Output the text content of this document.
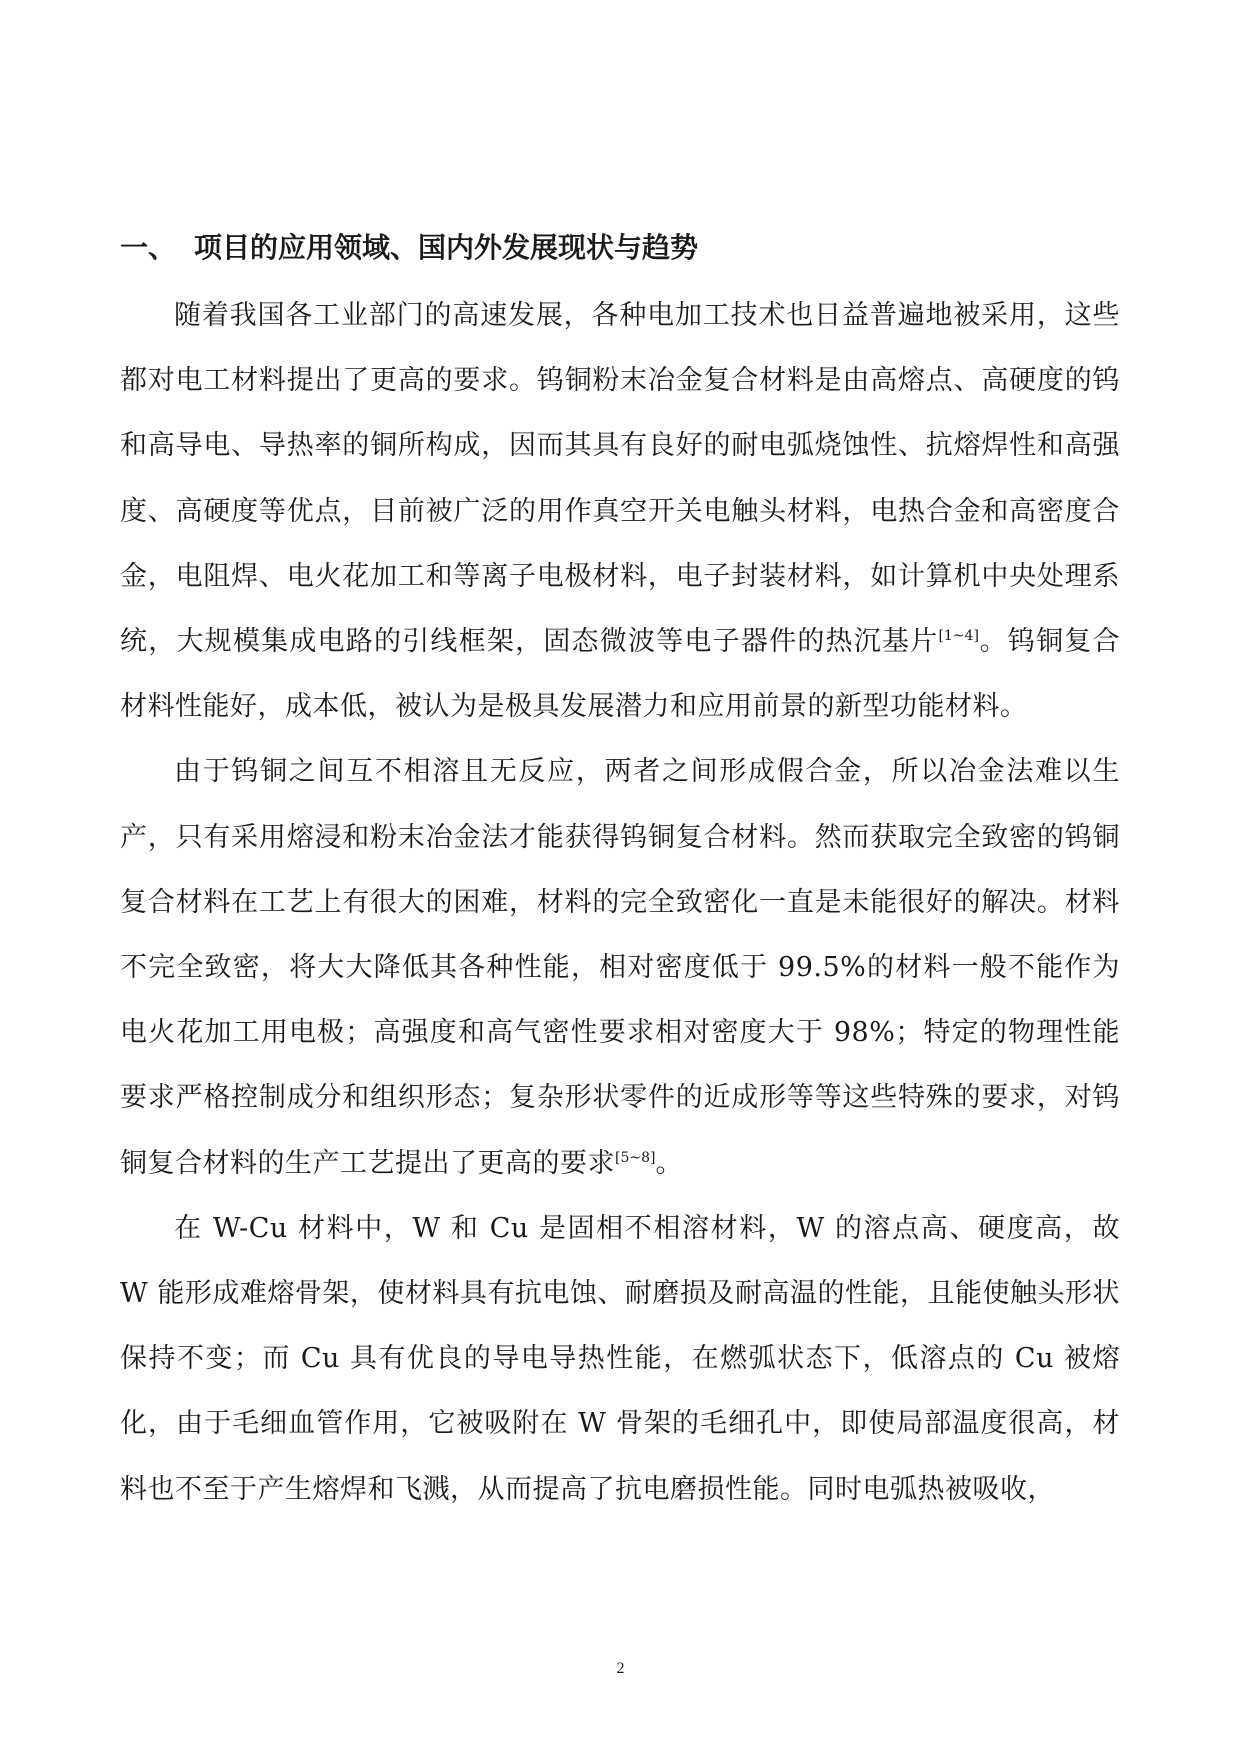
一、 项目的应用领域、国内外发展现状与趋势

随着我国各工业部门的高速发展，各种电加工技术也日益普遍地被采用，这些都对电工材料提出了更高的要求。钨铜粉末冶金复合材料是由高熔点、高硬度的钨和高导电、导热率的铜所构成，因而其具有良好的耐电弧烧蚀性、抗熔焊性和高强度、高硬度等优点，目前被广泛的用作真空开关电触头材料，电热合金和高密度合金，电阻焊、电火花加工和等离子电极材料，电子封装材料，如计算机中央处理系统，大规模集成电路的引线框架，固态微波等电子器件的热沉基片[1~4]。钨铜复合材料性能好，成本低，被认为是极具发展潜力和应用前景的新型功能材料。

由于钨铜之间互不相溶且无反应，两者之间形成假合金，所以冶金法难以生产，只有采用熔浸和粉末冶金法才能获得钨铜复合材料。然而获取完全致密的钨铜复合材料在工艺上有很大的困难，材料的完全致密化一直是未能很好的解决。材料不完全致密，将大大降低其各种性能，相对密度低于 99.5%的材料一般不能作为电火花加工用电极；高强度和高气密性要求相对密度大于 98%；特定的物理性能要求严格控制成分和组织形态；复杂形状零件的近成形等等这些特殊的要求，对钨铜复合材料的生产工艺提出了更高的要求[5~8]。

在 W-Cu 材料中，W 和 Cu 是固相不相溶材料，W 的溶点高、硬度高，故 W 能形成难熔骨架，使材料具有抗电蚀、耐磨损及耐高温的性能，且能使触头形状保持不变；而 Cu 具有优良的导电导热性能，在燃弧状态下，低溶点的 Cu 被熔化，由于毛细血管作用，它被吸附在 W 骨架的毛细孔中，即使局部温度很高，材料也不至于产生熔焊和飞溅，从而提高了抗电磨损性能。同时电弧热被吸收，

2
